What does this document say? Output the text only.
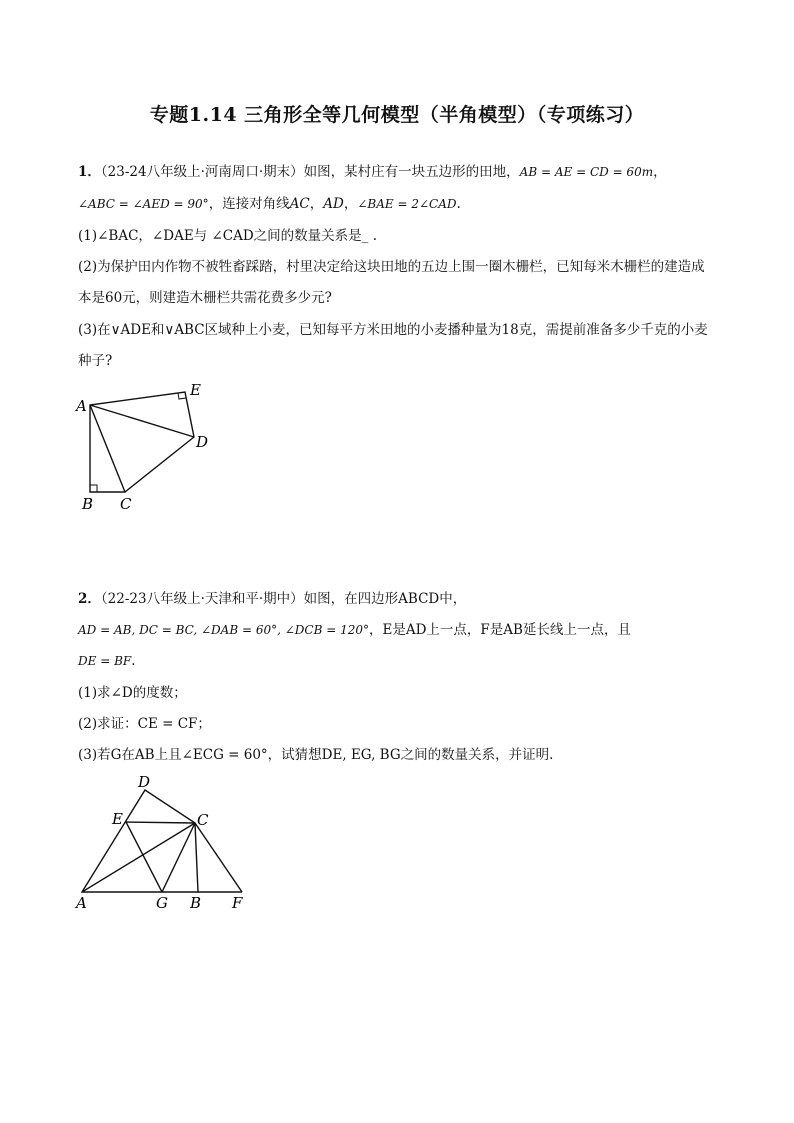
专题1.14 三角形全等几何模型（半角模型）（专项练习）
1．（23-24八年级上·河南周口·期末）如图，某村庄有一块五边形的田地，AB = AE = CD = 60m，
∠ABC = ∠AED = 90°，连接对角线AC，AD，∠BAE = 2∠CAD.
(1)∠BAC，∠DAE与 ∠CAD之间的数量关系是_ .
(2)为保护田内作物不被牲畜踩踏，村里决定给这块田地的五边上围一圈木栅栏，已知每米木栅栏的建造成
本是60元，则建造木栅栏共需花费多少元?
(3)在∨ADE和∨ABC区域种上小麦，已知每平方米田地的小麦播种量为18克，需提前准备多少千克的小麦
种子?
A
E
D
B C
2．（22-23八年级上·天津和平·期中）如图，在四边形ABCD中，
AD = AB, DC = BC, ∠DAB = 60°, ∠DCB = 120°，E是AD上一点，F是AB延长线上一点，且
DE = BF.
(1)求∠D的度数；
(2)求证：CE = CF；
(3)若G在AB上且∠ECG = 60°，试猜想DE, EG, BG之间的数量关系，并证明.
D
E	C
A	G B F
